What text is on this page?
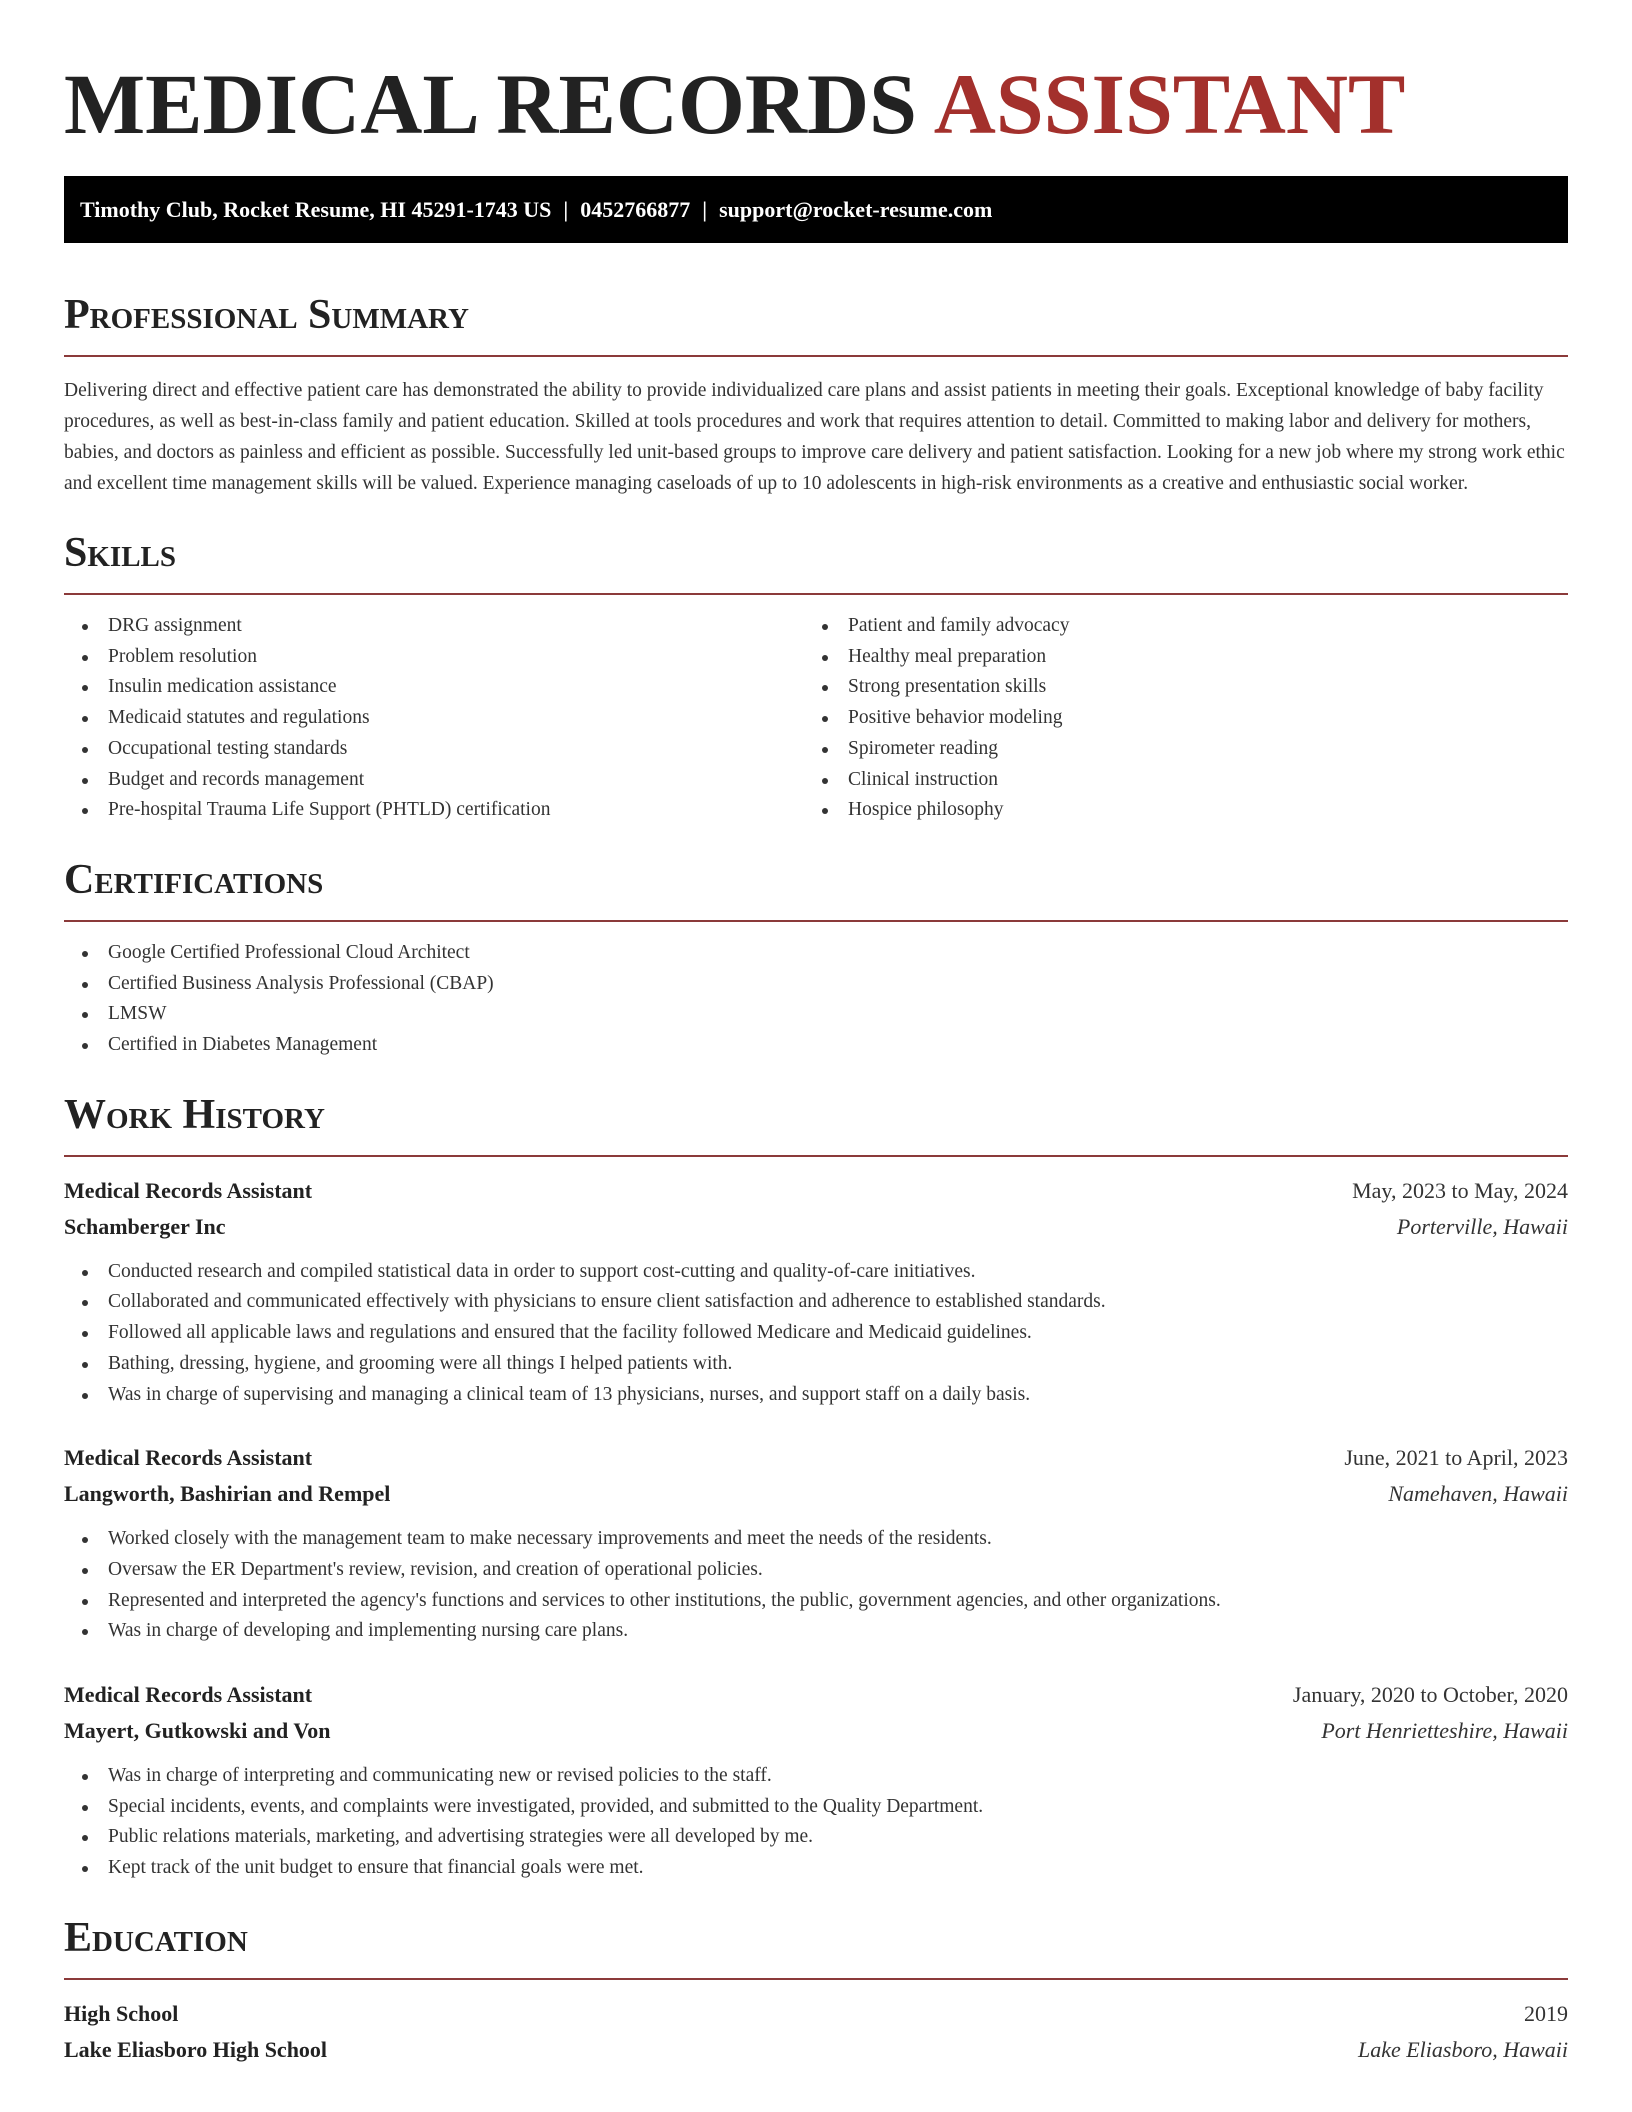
MEDICAL RECORDS ASSISTANT
Timothy Club, Rocket Resume, HI 45291-1743 US | 0452766877 | support@rocket-resume.com
Professional Summary

Delivering direct and effective patient care has demonstrated the ability to provide individualized care plans and assist patients in meeting their goals. Exceptional knowledge of baby facility procedures, as well as best-in-class family and patient education. Skilled at tools procedures and work that requires attention to detail. Committed to making labor and delivery for mothers, babies, and doctors as painless and efficient as possible. Successfully led unit-based groups to improve care delivery and patient satisfaction. Looking for a new job where my strong work ethic and excellent time management skills will be valued. Experience managing caseloads of up to 10 adolescents in high-risk environments as a creative and enthusiastic social worker.

Skills
DRG assignment
Problem resolution
Insulin medication assistance
Medicaid statutes and regulations
Occupational testing standards
Budget and records management
Pre-hospital Trauma Life Support (PHTLD) certification
Patient and family advocacy
Healthy meal preparation
Strong presentation skills
Positive behavior modeling
Spirometer reading
Clinical instruction
Hospice philosophy
Certifications
Google Certified Professional Cloud Architect
Certified Business Analysis Professional (CBAP)
LMSW
Certified in Diabetes Management
Work History
Medical Records Assistant	May, 2023 to May, 2024
Schamberger Inc	Porterville, Hawaii
Conducted research and compiled statistical data in order to support cost-cutting and quality-of-care initiatives.
Collaborated and communicated effectively with physicians to ensure client satisfaction and adherence to established standards.
Followed all applicable laws and regulations and ensured that the facility followed Medicare and Medicaid guidelines.
Bathing, dressing, hygiene, and grooming were all things I helped patients with.
Was in charge of supervising and managing a clinical team of 13 physicians, nurses, and support staff on a daily basis.
Medical Records Assistant	June, 2021 to April, 2023
Langworth, Bashirian and Rempel	Namehaven, Hawaii
Worked closely with the management team to make necessary improvements and meet the needs of the residents.
Oversaw the ER Department's review, revision, and creation of operational policies.
Represented and interpreted the agency's functions and services to other institutions, the public, government agencies, and other organizations.
Was in charge of developing and implementing nursing care plans.
Medical Records Assistant	January, 2020 to October, 2020
Mayert, Gutkowski and Von	Port Henrietteshire, Hawaii
Was in charge of interpreting and communicating new or revised policies to the staff.
Special incidents, events, and complaints were investigated, provided, and submitted to the Quality Department.
Public relations materials, marketing, and advertising strategies were all developed by me.
Kept track of the unit budget to ensure that financial goals were met.
Education
High School	2019
Lake Eliasboro High School	Lake Eliasboro, Hawaii
